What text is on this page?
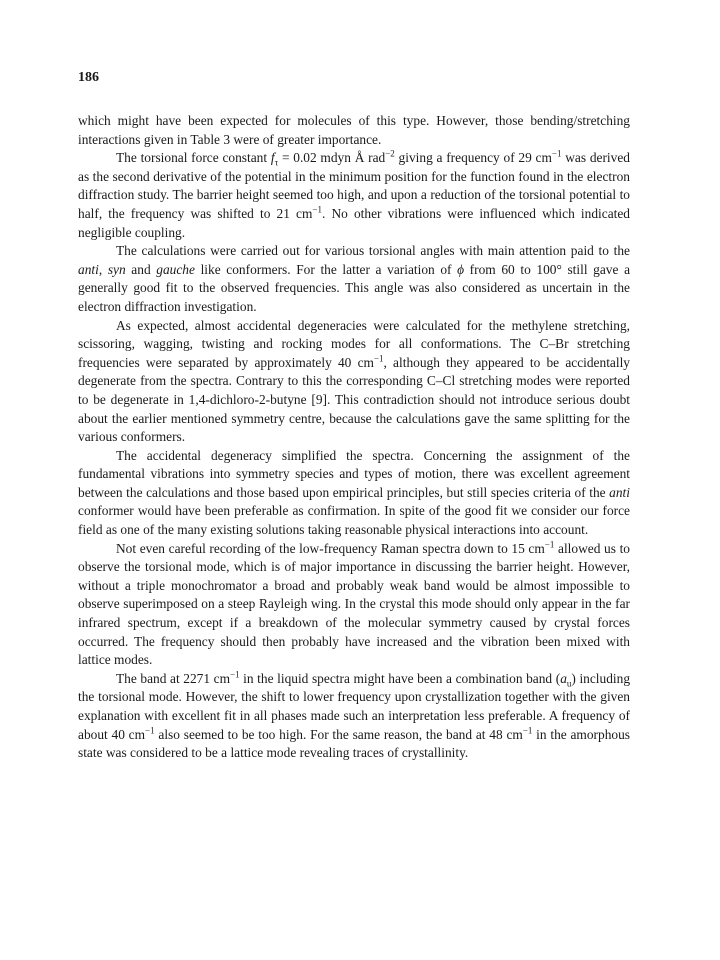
186

which might have been expected for molecules of this type. However, those bending/stretching interactions given in Table 3 were of greater importance.

The torsional force constant $f_\tau = 0.02$ mdyn Å rad$^{-2}$ giving a frequency of 29 $cm^{-1}$ was derived as the second derivative of the potential in the minimum position for the function found in the electron diffraction study. The barrier height seemed too high, and upon a reduction of the torsional potential to half, the frequency was shifted to 21 $cm^{-1}$. No other vibrations were influenced which indicated negligible coupling.

The calculations were carried out for various torsional angles with main attention paid to the anti, syn and gauche like conformers. For the latter a variation of ϕ from 60 to 100° still gave a generally good fit to the observed frequencies. This angle was also considered as uncertain in the electron diffraction investigation.

As expected, almost accidental degeneracies were calculated for the methylene stretching, scissoring, wagging, twisting and rocking modes for all conformations. The C–Br stretching frequencies were separated by approximately 40 $cm^{-1}$, although they appeared to be accidentally degenerate from the spectra. Contrary to this the corresponding C–Cl stretching modes were reported to be degenerate in 1,4-dichloro-2-butyne [9]. This contradiction should not introduce serious doubt about the earlier mentioned symmetry centre, because the calculations gave the same splitting for the various conformers.

The accidental degeneracy simplified the spectra. Concerning the assignment of the fundamental vibrations into symmetry species and types of motion, there was excellent agreement between the calculations and those based upon empirical principles, but still species criteria of the anti conformer would have been preferable as confirmation. In spite of the good fit we consider our force field as one of the many existing solutions taking reasonable physical interactions into account.

Not even careful recording of the low-frequency Raman spectra down to 15 $cm^{-1}$ allowed us to observe the torsional mode, which is of major importance in discussing the barrier height. However, without a triple monochromator a broad and probably weak band would be almost impossible to observe superimposed on a steep Rayleigh wing. In the crystal this mode should only appear in the far infrared spectrum, except if a breakdown of the molecular symmetry caused by crystal forces occurred. The frequency should then probably have increased and the vibration been mixed with lattice modes.

The band at 2271 $cm^{-1}$ in the liquid spectra might have been a combination band $(a_u)$ including the torsional mode. However, the shift to lower frequency upon crystallization together with the given explanation with excellent fit in all phases made such an interpretation less preferable. A frequency of about 40 $cm^{-1}$ also seemed to be too high. For the same reason, the band at 48 $cm^{-1}$ in the amorphous state was considered to be a lattice mode revealing traces of crystallinity.
